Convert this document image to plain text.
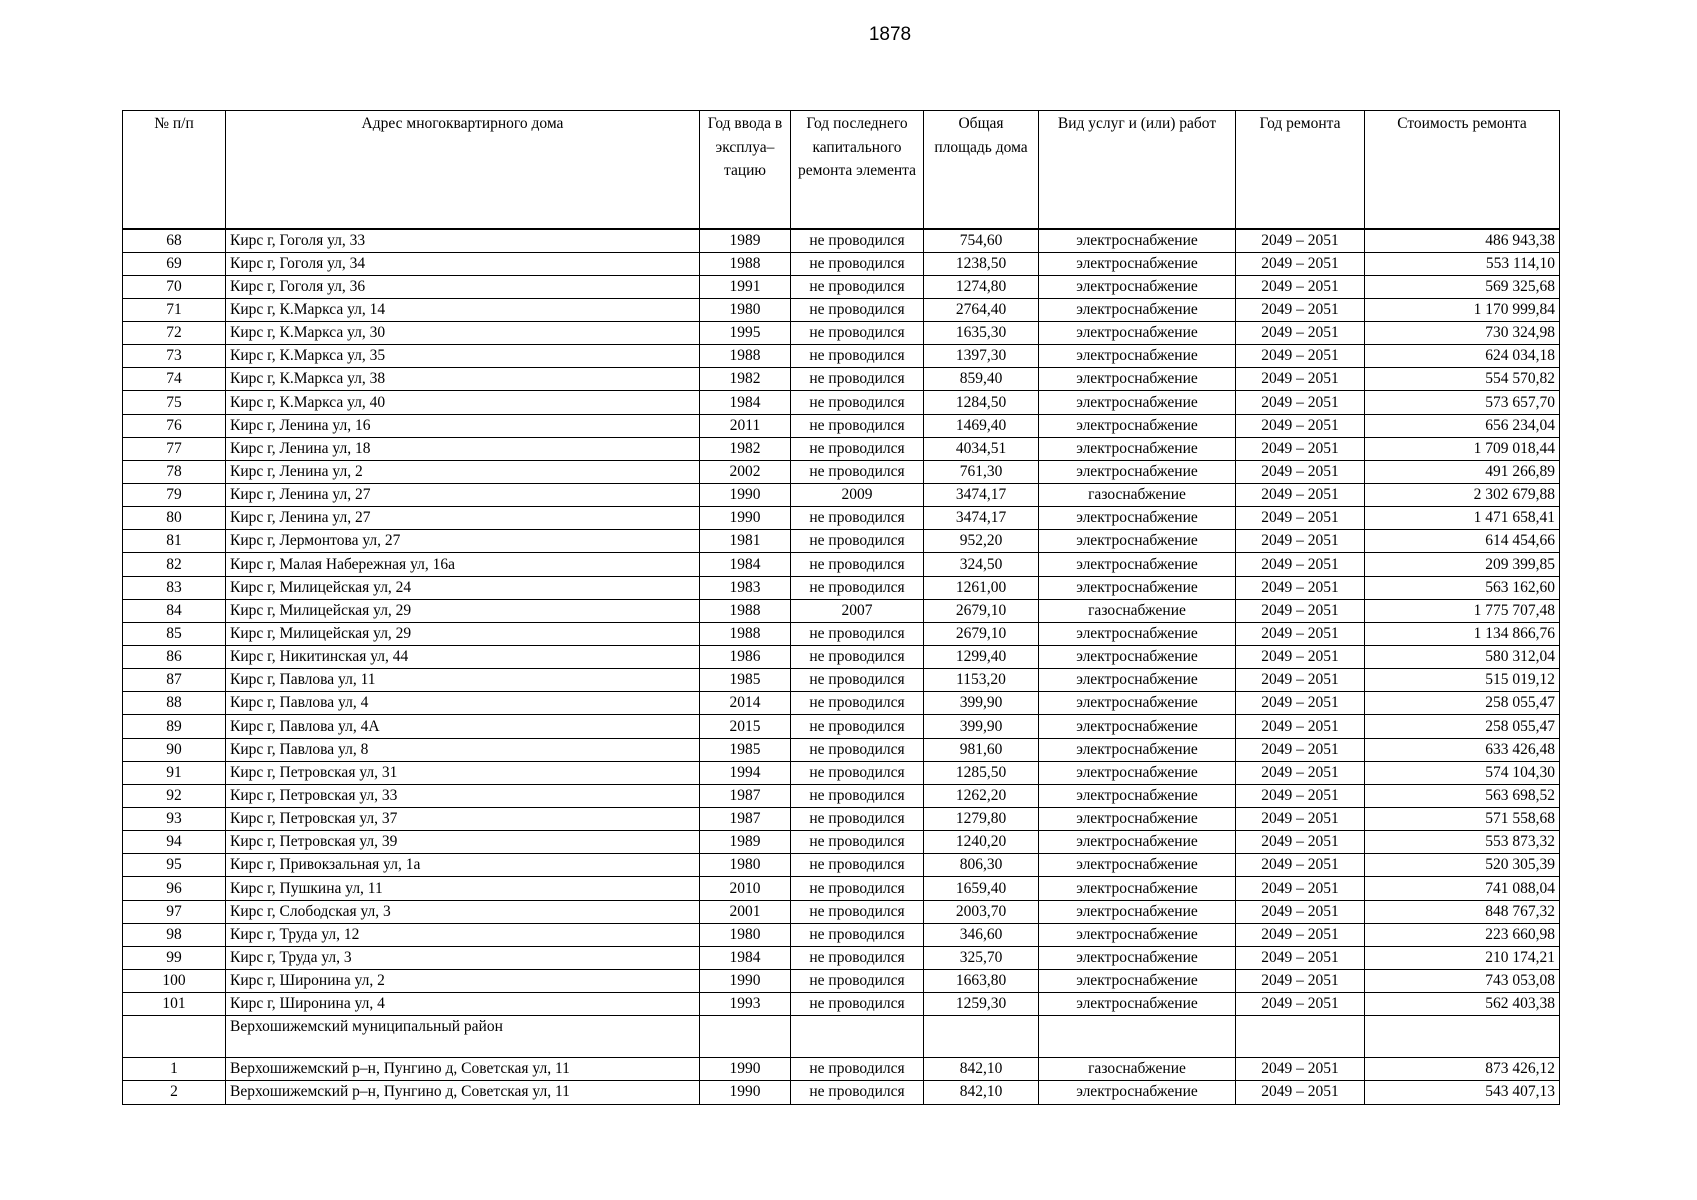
1878
№ п/п	Адрес многоквартирного дома	Год ввода в эксплуа–тацию	Год последнего капитального ремонта элемента	Общая площадь дома	Вид услуг и (или) работ	Год ремонта	Стоимость ремонта
68	Кирс г, Гоголя ул, 33	1989	не проводился	754,60	электроснабжение	2049 – 2051	486 943,38
69	Кирс г, Гоголя ул, 34	1988	не проводился	1238,50	электроснабжение	2049 – 2051	553 114,10
70	Кирс г, Гоголя ул, 36	1991	не проводился	1274,80	электроснабжение	2049 – 2051	569 325,68
71	Кирс г, К.Маркса ул, 14	1980	не проводился	2764,40	электроснабжение	2049 – 2051	1 170 999,84
72	Кирс г, К.Маркса ул, 30	1995	не проводился	1635,30	электроснабжение	2049 – 2051	730 324,98
73	Кирс г, К.Маркса ул, 35	1988	не проводился	1397,30	электроснабжение	2049 – 2051	624 034,18
74	Кирс г, К.Маркса ул, 38	1982	не проводился	859,40	электроснабжение	2049 – 2051	554 570,82
75	Кирс г, К.Маркса ул, 40	1984	не проводился	1284,50	электроснабжение	2049 – 2051	573 657,70
76	Кирс г, Ленина ул, 16	2011	не проводился	1469,40	электроснабжение	2049 – 2051	656 234,04
77	Кирс г, Ленина ул, 18	1982	не проводился	4034,51	электроснабжение	2049 – 2051	1 709 018,44
78	Кирс г, Ленина ул, 2	2002	не проводился	761,30	электроснабжение	2049 – 2051	491 266,89
79	Кирс г, Ленина ул, 27	1990	2009	3474,17	газоснабжение	2049 – 2051	2 302 679,88
80	Кирс г, Ленина ул, 27	1990	не проводился	3474,17	электроснабжение	2049 – 2051	1 471 658,41
81	Кирс г, Лермонтова ул, 27	1981	не проводился	952,20	электроснабжение	2049 – 2051	614 454,66
82	Кирс г, Малая Набережная ул, 16а	1984	не проводился	324,50	электроснабжение	2049 – 2051	209 399,85
83	Кирс г, Милицейская ул, 24	1983	не проводился	1261,00	электроснабжение	2049 – 2051	563 162,60
84	Кирс г, Милицейская ул, 29	1988	2007	2679,10	газоснабжение	2049 – 2051	1 775 707,48
85	Кирс г, Милицейская ул, 29	1988	не проводился	2679,10	электроснабжение	2049 – 2051	1 134 866,76
86	Кирс г, Никитинская ул, 44	1986	не проводился	1299,40	электроснабжение	2049 – 2051	580 312,04
87	Кирс г, Павлова ул, 11	1985	не проводился	1153,20	электроснабжение	2049 – 2051	515 019,12
88	Кирс г, Павлова ул, 4	2014	не проводился	399,90	электроснабжение	2049 – 2051	258 055,47
89	Кирс г, Павлова ул, 4А	2015	не проводился	399,90	электроснабжение	2049 – 2051	258 055,47
90	Кирс г, Павлова ул, 8	1985	не проводился	981,60	электроснабжение	2049 – 2051	633 426,48
91	Кирс г, Петровская ул, 31	1994	не проводился	1285,50	электроснабжение	2049 – 2051	574 104,30
92	Кирс г, Петровская ул, 33	1987	не проводился	1262,20	электроснабжение	2049 – 2051	563 698,52
93	Кирс г, Петровская ул, 37	1987	не проводился	1279,80	электроснабжение	2049 – 2051	571 558,68
94	Кирс г, Петровская ул, 39	1989	не проводился	1240,20	электроснабжение	2049 – 2051	553 873,32
95	Кирс г, Привокзальная ул, 1а	1980	не проводился	806,30	электроснабжение	2049 – 2051	520 305,39
96	Кирс г, Пушкина ул, 11	2010	не проводился	1659,40	электроснабжение	2049 – 2051	741 088,04
97	Кирс г, Слободская ул, 3	2001	не проводился	2003,70	электроснабжение	2049 – 2051	848 767,32
98	Кирс г, Труда ул, 12	1980	не проводился	346,60	электроснабжение	2049 – 2051	223 660,98
99	Кирс г, Труда ул, 3	1984	не проводился	325,70	электроснабжение	2049 – 2051	210 174,21
100	Кирс г, Широнина ул, 2	1990	не проводился	1663,80	электроснабжение	2049 – 2051	743 053,08
101	Кирс г, Широнина ул, 4	1993	не проводился	1259,30	электроснабжение	2049 – 2051	562 403,38
	Верхошижемский муниципальный район						
1	Верхошижемский р–н, Пунгино д, Советская ул, 11	1990	не проводился	842,10	газоснабжение	2049 – 2051	873 426,12
2	Верхошижемский р–н, Пунгино д, Советская ул, 11	1990	не проводился	842,10	электроснабжение	2049 – 2051	543 407,13
